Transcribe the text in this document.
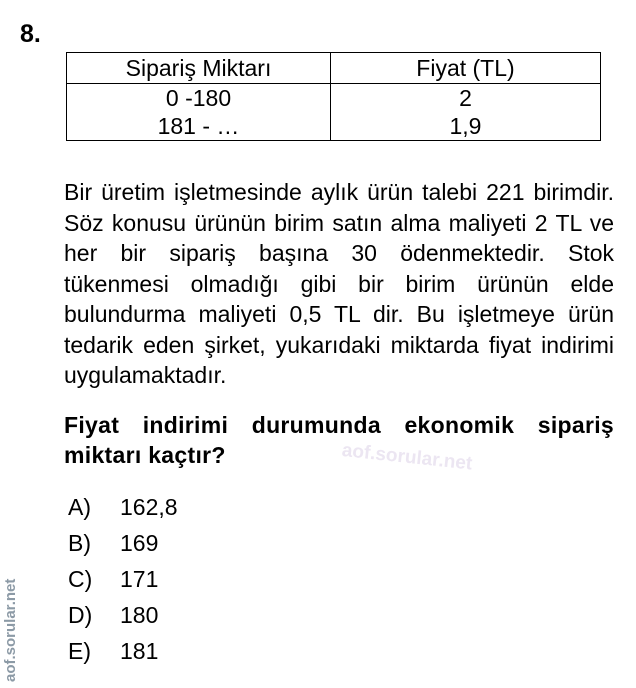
8.
Sipariş Miktarı	Fiyat (TL)
0 -180	2
181 - …	1,9
Bir üretim işletmesinde aylık ürün talebi 221 birimdir. Söz konusu ürünün birim satın alma maliyeti 2 TL ve her bir sipariş başına 30 ödenmektedir. Stok tükenmesi olmadığı gibi bir birim ürünün elde bulundurma maliyeti 0,5 TL dir. Bu işletmeye ürün tedarik eden şirket, yukarıdaki miktarda fiyat indirimi uygulamaktadır.
Fiyat indirimi durumunda ekonomik sipariş miktarı kaçtır?	aof.sorular.net
A)	162,8
B)	169
C)	171
D)	180
E)	181
aof.sorular.net
